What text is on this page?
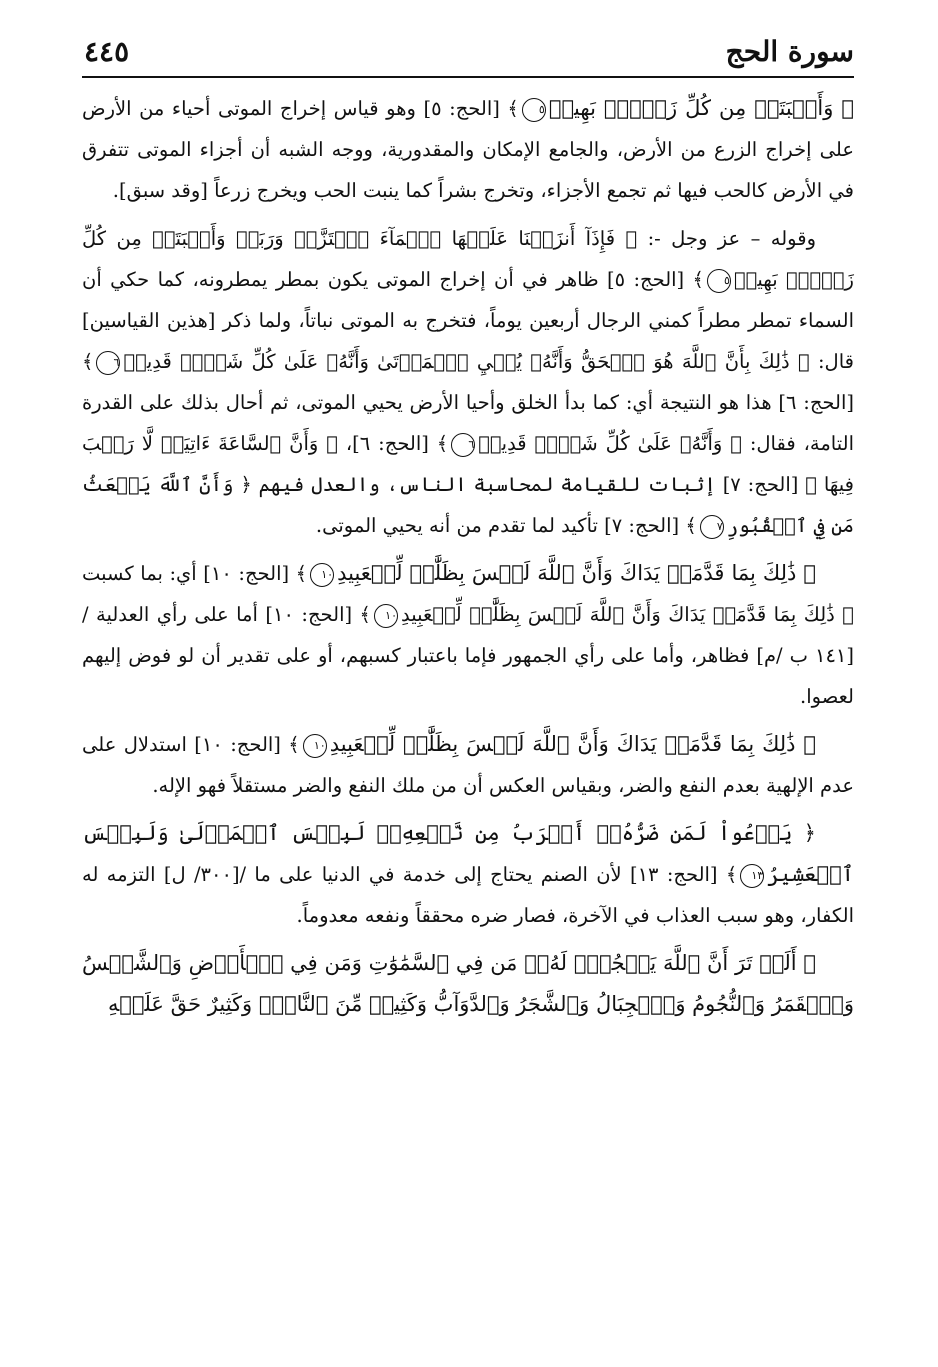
سورة الحج
٤٤٥

﴿ وَأَنۢبَتَتۡ مِن كُلِّ زَوۡجِۭ بَهِيجٖ٥﴾ [الحج: ٥] وهو قياس إخراج الموتى أحياء من الأرض على إخراج الزرع من الأرض، والجامع الإمكان والمقدورية، ووجه الشبه أن أجزاء الموتى تتفرق في الأرض كالحب فيها ثم تجمع الأجزاء، وتخرج بشراً كما ينبت الحب ويخرج زرعاً [وقد سبق].

وقوله – عز وجل -: ﴿ فَإِذَآ أَنزَلۡنَا عَلَيۡهَا ٱلۡمَآءَ ٱهۡتَزَّتۡ وَرَبَتۡ وَأَنۢبَتَتۡ مِن كُلِّ زَوۡجِۭ بَهِيجٖ٥﴾ [الحج: ٥] ظاهر في أن إخراج الموتى يكون بمطر يمطرونه، كما حكي أن السماء تمطر مطراً كمني الرجال أربعين يوماً، فتخرج به الموتى نباتاً، ولما ذكر [هذين القياسين] قال: ﴿ ذَٰلِكَ بِأَنَّ ٱللَّهَ هُوَ ٱلۡحَقُّ وَأَنَّهُۥ يُحۡيِ ٱلۡمَوۡتَىٰ وَأَنَّهُۥ عَلَىٰ كُلِّ شَيۡءٖ قَدِيرٞ٦﴾ [الحج: ٦] هذا هو النتيجة أي: كما بدأ الخلق وأحيا الأرض يحيي الموتى، ثم أحال بذلك على القدرة التامة، فقال: ﴿ وَأَنَّهُۥ عَلَىٰ كُلِّ شَيۡءٖ قَدِيرٞ٦﴾ [الحج: ٦]، ﴿ وَأَنَّ ٱلسَّاعَةَ ءَاتِيَةٞ لَّا رَيۡبَ فِيهَا ﴾ [الحج: ٧] إثبات للقيامة لمحاسبة الناس، والعدل فيهم ﴿ وَأَنَّ ٱللَّهَ يَبۡعَثُ مَن فِي ٱلۡقُبُورِ٧﴾ [الحج: ٧] تأكيد لما تقدم من أنه يحيي الموتى.

﴿ ذَٰلِكَ بِمَا قَدَّمَتۡ يَدَاكَ وَأَنَّ ٱللَّهَ لَيۡسَ بِظَلَّٰمٖ لِّلۡعَبِيدِ١٠﴾ [الحج: ١٠] أي: بما كسبت ﴿ ذَٰلِكَ بِمَا قَدَّمَتۡ يَدَاكَ وَأَنَّ ٱللَّهَ لَيۡسَ بِظَلَّٰمٖ لِّلۡعَبِيدِ١٠﴾ [الحج: ١٠] أما على رأي العدلية / [١٤١ ب /م] فظاهر، وأما على رأي الجمهور فإما باعتبار كسبهم، أو على تقدير أن لو فوض إليهم لعصوا.

﴿ ذَٰلِكَ بِمَا قَدَّمَتۡ يَدَاكَ وَأَنَّ ٱللَّهَ لَيۡسَ بِظَلَّٰمٖ لِّلۡعَبِيدِ١٠﴾ [الحج: ١٠] استدلال على عدم الإلهية بعدم النفع والضر، وبقياس العكس أن من ملك النفع والضر مستقلاً فهو الإله.

﴿ يَدۡعُواْ لَمَن ضَرُّهُۥٓ أَقۡرَبُ مِن نَّفۡعِهِۦۚ لَبِئۡسَ ٱلۡمَوۡلَىٰ وَلَبِئۡسَ ٱلۡعَشِيرُ١٣﴾ [الحج: ١٣] لأن الصنم يحتاج إلى خدمة في الدنيا على ما /[٣٠٠/ ل] التزمه له الكفار، وهو سبب العذاب في الآخرة، فصار ضره محققاً ونفعه معدوماً.

﴿ أَلَمۡ تَرَ أَنَّ ٱللَّهَ يَسۡجُدُۤ لَهُۥۤ مَن فِي ٱلسَّمَٰوَٰتِ وَمَن فِي ٱلۡأَرۡضِ وَٱلشَّمۡسُ وَٱلۡقَمَرُ وَٱلنُّجُومُ وَٱلۡجِبَالُ وَٱلشَّجَرُ وَٱلدَّوَآبُّ وَكَثِيرٞ مِّنَ ٱلنَّاسِۖ وَكَثِيرٌ حَقَّ عَلَيۡهِ
